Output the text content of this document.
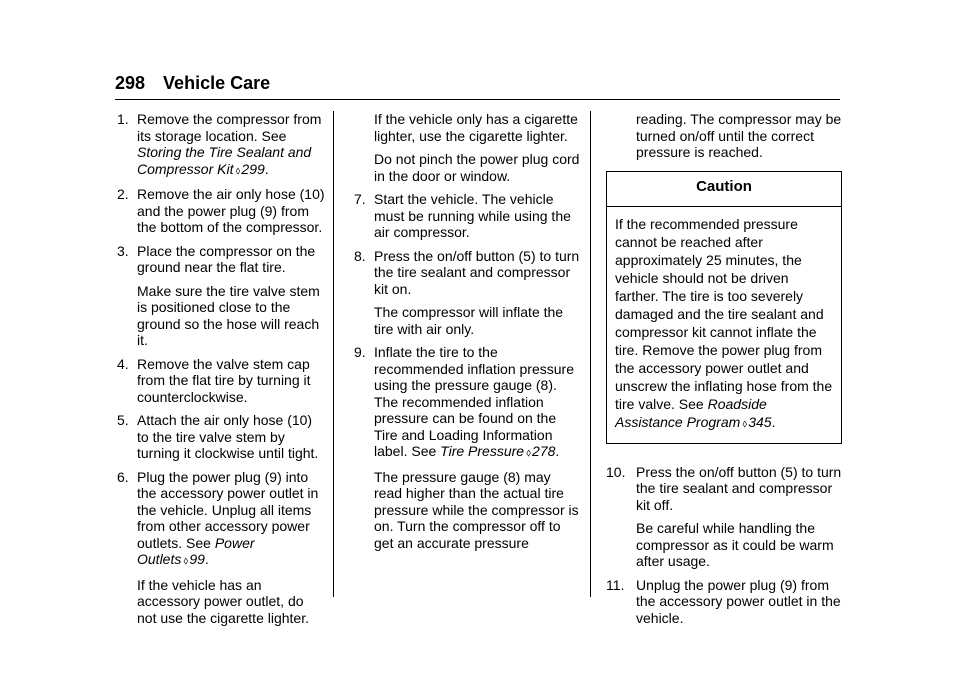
298 Vehicle Care
1. Remove the compressor from its storage location. See Storing the Tire Sealant and Compressor Kit ⬨299.
2. Remove the air only hose (10) and the power plug (9) from the bottom of the compressor.
3. Place the compressor on the ground near the flat tire.
Make sure the tire valve stem is positioned close to the ground so the hose will reach it.
4. Remove the valve stem cap from the flat tire by turning it counterclockwise.
5. Attach the air only hose (10) to the tire valve stem by turning it clockwise until tight.
6. Plug the power plug (9) into the accessory power outlet in the vehicle. Unplug all items from other accessory power outlets. See Power Outlets ⬨99.
If the vehicle has an accessory power outlet, do not use the cigarette lighter.
If the vehicle only has a cigarette lighter, use the cigarette lighter.
Do not pinch the power plug cord in the door or window.
7. Start the vehicle. The vehicle must be running while using the air compressor.
8. Press the on/off button (5) to turn the tire sealant and compressor kit on.
The compressor will inflate the tire with air only.
9. Inflate the tire to the recommended inflation pressure using the pressure gauge (8). The recommended inflation pressure can be found on the Tire and Loading Information label. See Tire Pressure ⬨278.
The pressure gauge (8) may read higher than the actual tire pressure while the compressor is on. Turn the compressor off to get an accurate pressure
reading. The compressor may be turned on/off until the correct pressure is reached.
Caution
If the recommended pressure cannot be reached after approximately 25 minutes, the vehicle should not be driven farther. The tire is too severely damaged and the tire sealant and compressor kit cannot inflate the tire. Remove the power plug from the accessory power outlet and unscrew the inflating hose from the tire valve. See Roadside Assistance Program ⬨345.
10. Press the on/off button (5) to turn the tire sealant and compressor kit off.
Be careful while handling the compressor as it could be warm after usage.
11. Unplug the power plug (9) from the accessory power outlet in the vehicle.
